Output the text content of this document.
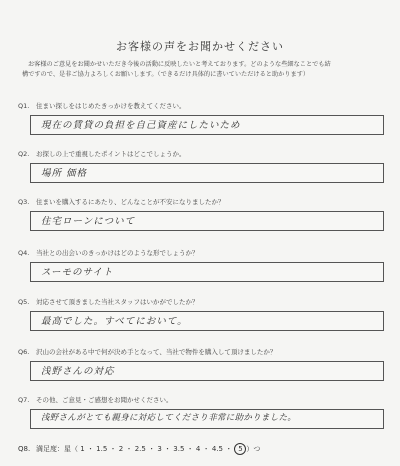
お客様の声をお聞かせください

お客様のご意見をお聞かせいただき今後の活動に反映したいと考えております。どのような些細なことでも結

構ですので、是非ご協力よろしくお願いします。（できるだけ具体的に書いていただけると助かります）

Q1. 住まい探しをはじめたきっかけを教えてください。
現在の賃貸の負担を自己資産にしたいため
Q2. お探しの上で重視したポイントはどこでしょうか。
場所 価格
Q3. 住まいを購入するにあたり、どんなことが不安になりましたか？
住宅ローンについて
Q4. 当社との出会いのきっかけはどのような形でしょうか？
スーモのサイト
Q5. 対応させて頂きました当社スタッフはいかがでしたか？
最高でした。すべてにおいて。
Q6. 沢山の会社がある中で何が決め手となって、当社で物件を購入して頂けましたか？
浅野さんの対応
Q7. その他、ご意見・ご感想をお聞かせください。
浅野さんがとても親身に対応してくださり非常に助かりました。
Q8. 満足度：星（ 1 ・ 1.5 ・ 2 ・ 2.5 ・ 3 ・ 3.5 ・ 4 ・ 4.5 ・ 5 ）つ
